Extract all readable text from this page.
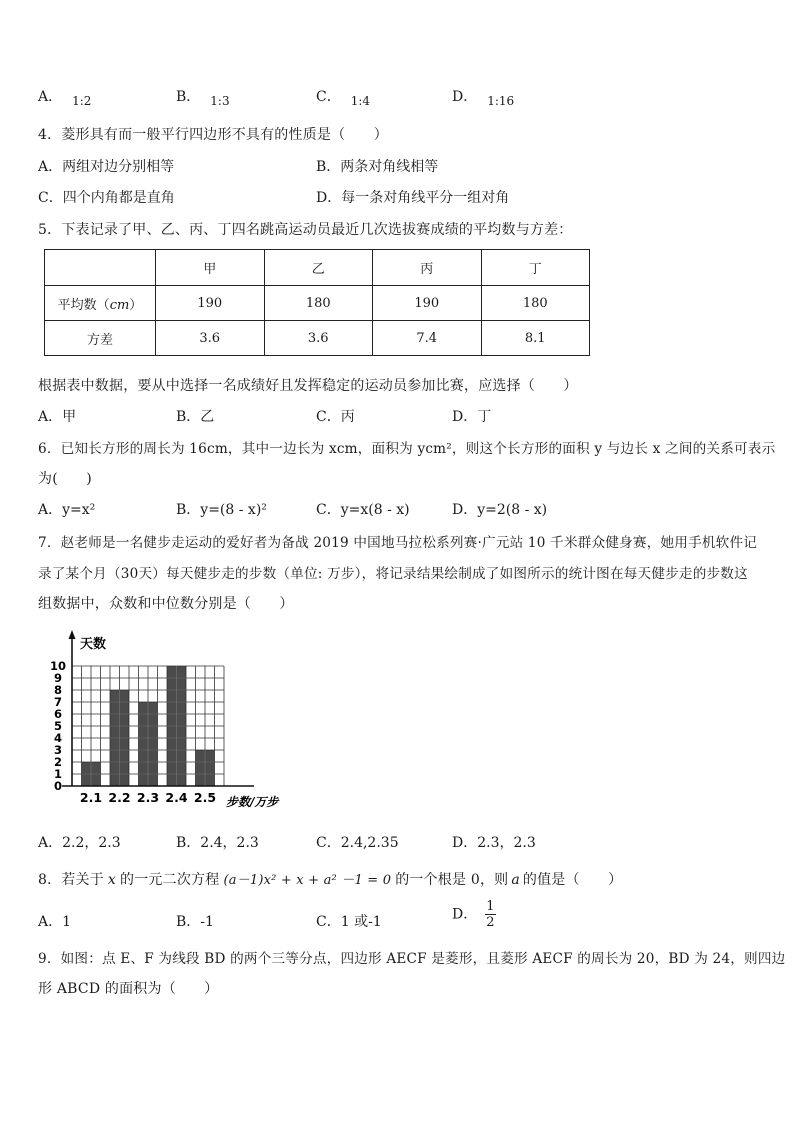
A． 1:2	B． 1:3	C． 1:4	D． 1:16
4．菱形具有而一般平行四边形不具有的性质是（　　）
A．两组对边分别相等	B．两条对角线相等
C．四个内角都是直角	D．每一条对角线平分一组对角
5．下表记录了甲、乙、丙、丁四名跳高运动员最近几次选拔赛成绩的平均数与方差：
	甲	乙	丙	丁
平均数（cm）	190	180	190	180
方差	3.6	3.6	7.4	8.1
根据表中数据，要从中选择一名成绩好且发挥稳定的运动员参加比赛，应选择（　　）
A．甲	B．乙	C．丙	D．丁
6．已知长方形的周长为 16cm，其中一边长为 xcm，面积为 ycm²，则这个长方形的面积 y 与边长 x 之间的关系可表示
为(　　)
A．y=x²	B．y=(8 - x)²	C．y=x(8 - x)	D．y=2(8 - x)
7．赵老师是一名健步走运动的爱好者为备战 2019 中国地马拉松系列赛·广元站 10 千米群众健身赛，她用手机软件记
录了某个月（30天）每天健步走的步数（单位: 万步），将记录结果绘制成了如图所示的统计图在每天健步走的步数这
组数据中，众数和中位数分别是（　　）
天数
步数/万步
2.1 2.2 2.3 2.4 2.5
0
1
2
3
4
5
6
7
8
9
10
A．2.2，2.3	B．2.4，2.3	C．2.4,2.35	D．2.3，2.3
8．若关于 x 的一元二次方程 (a－1)x² + x + a² －1 = 0 的一个根是 0，则 a 的值是（　　）
A．1	B．-1	C．1 或-1	D． $\frac{1}{2}$
9．如图：点 E、F 为线段 BD 的两个三等分点，四边形 AECF 是菱形，且菱形 AECF 的周长为 20，BD 为 24，则四边
形 ABCD 的面积为（　　）
